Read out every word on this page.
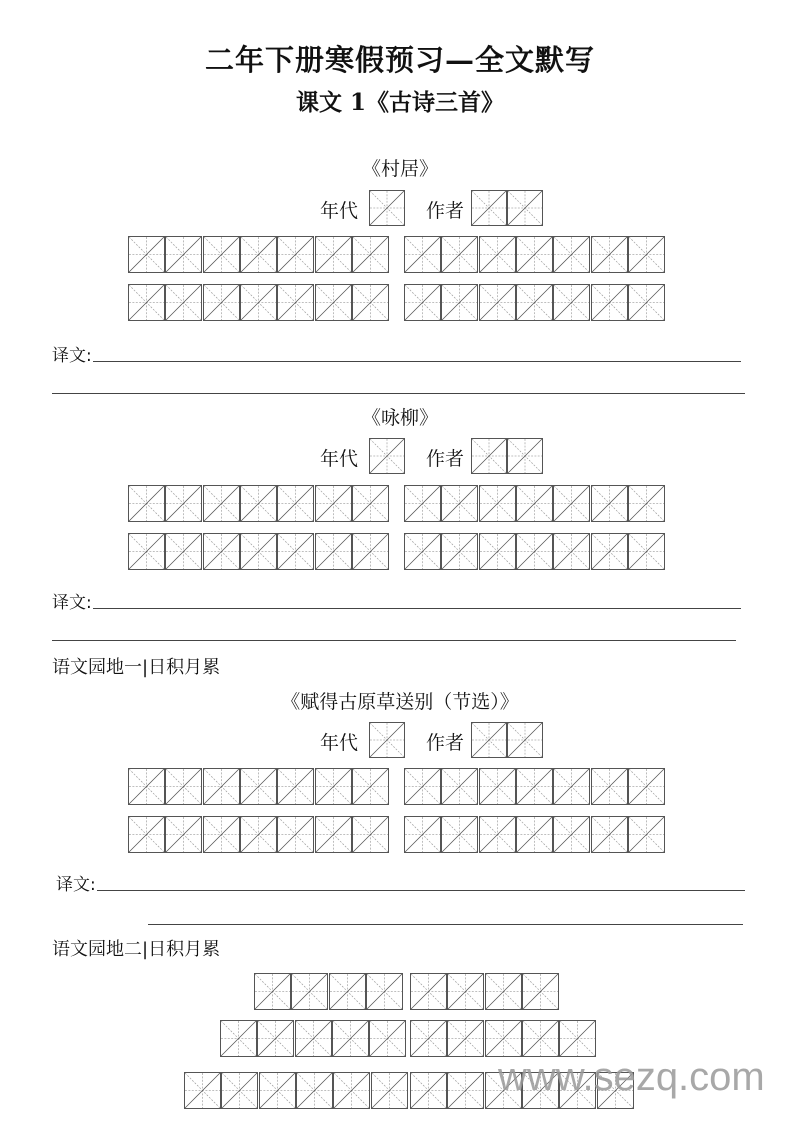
二年下册寒假预习—全文默写
课文 1《古诗三首》
《村居》
年代	作者
译文:
《咏柳》
年代	作者
译文:
语文园地一|日积月累
《赋得古原草送别（节选）》
年代	作者
译文:
语文园地二|日积月累
www.sezq.com
